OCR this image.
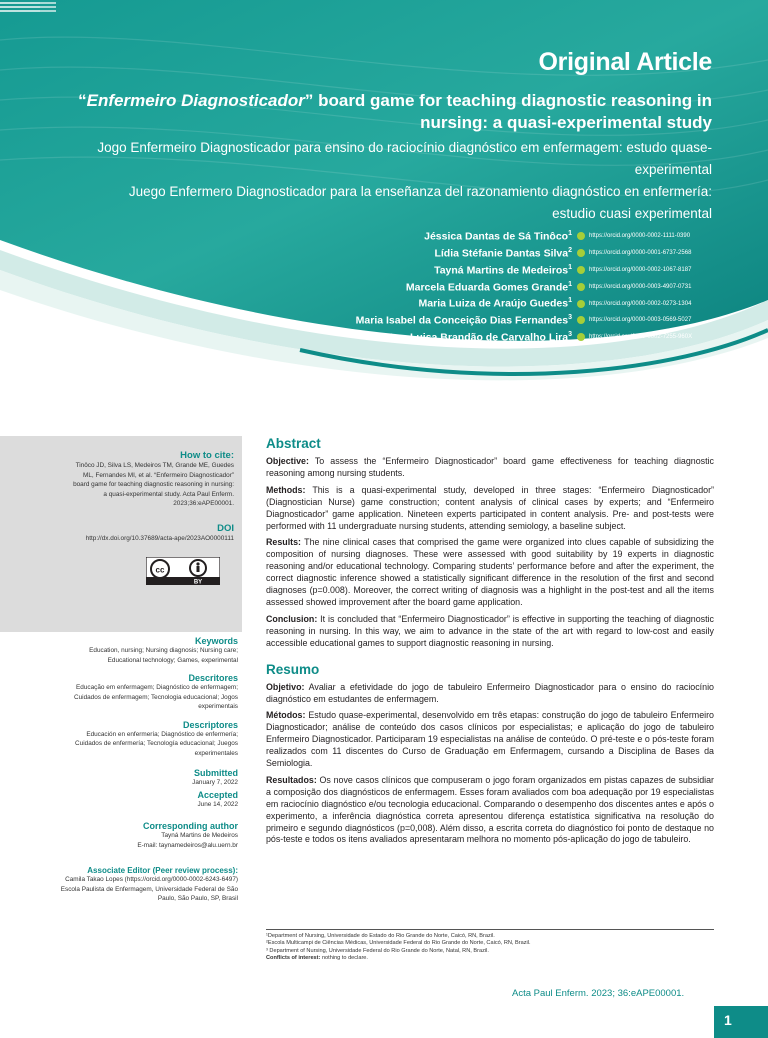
Original Article
“Enfermeiro Diagnosticador” board game for teaching diagnostic reasoning in nursing: a quasi-experimental study

Jogo Enfermeiro Diagnosticador para ensino do raciocínio diagnóstico em enfermagem: estudo quase-experimental

Juego Enfermero Diagnosticador para la enseñanza del razonamiento diagnóstico en enfermería: estudio cuasi experimental

Jéssica Dantas de Sá Tinôco$^1$	https://orcid.org/0000-0002-1111-0390
Lídia Stéfanie Dantas Silva$^2$	https://orcid.org/0000-0001-6737-2568
Tayná Martins de Medeiros$^1$	https://orcid.org/0000-0002-1067-8187
Marcela Eduarda Gomes Grande$^1$	https://orcid.org/0000-0003-4907-0731
Maria Luiza de Araújo Guedes$^1$	https://orcid.org/0000-0002-0273-1304
Maria Isabel da Conceição Dias Fernandes$^3$	https://orcid.org/0000-0003-0569-5027
Ana Luisa Brandão de Carvalho Lira$^3$	https://orcid.org/0000-0002-7255-960X

How to cite:

Tinôco JD, Silva LS, Medeiros TM, Grande ME, Guedes ML, Fernandes MI, et al. “Enfermeiro Diagnosticador” board game for teaching diagnostic reasoning in nursing: a quasi-experimental study. Acta Paul Enferm. 2023;36:eAPE00001.

DOI

http://dx.doi.org/10.37689/acta-ape/2023AO0000111

cc
BY

Keywords

Education, nursing; Nursing diagnosis; Nursing care; Educational technology; Games, experimental

Descritores

Educação em enfermagem; Diagnóstico de enfermagem; Cuidados de enfermagem; Tecnologia educacional; Jogos experimentais

Descriptores

Educación en enfermería; Diagnóstico de enfermería; Cuidados de enfermería; Tecnología educacional; Juegos experimentales

Submitted

January 7, 2022

Accepted

June 14, 2022

Corresponding author

Tayná Martins de Medeiros

E-mail: taynamedeiros@alu.uern.br

Associate Editor (Peer review process):

Camila Takao Lopes (https://orcid.org/0000-0002-6243-6497) Escola Paulista de Enfermagem, Universidade Federal de São Paulo, São Paulo, SP, Brasil

Abstract

Objective: To assess the “Enfermeiro Diagnosticador” board game effectiveness for teaching diagnostic reasoning among nursing students.

Methods: This is a quasi-experimental study, developed in three stages: “Enfermeiro Diagnosticador” (Diagnostician Nurse) game construction; content analysis of clinical cases by experts; and “Enfermeiro Diagnosticador” game application. Nineteen experts participated in content analysis. Pre- and post-tests were performed with 11 undergraduate nursing students, attending semiology, a baseline subject.

Results: The nine clinical cases that comprised the game were organized into clues capable of subsidizing the composition of nursing diagnoses. These were assessed with good suitability by 19 experts in diagnostic reasoning and/or educational technology. Comparing students’ performance before and after the experiment, the correct diagnostic inference showed a statistically significant difference in the resolution of the first and second diagnoses (p=0.008). Moreover, the correct writing of diagnosis was a highlight in the post-test and all the items assessed showed improvement after the board game application.

Conclusion: It is concluded that “Enfermeiro Diagnosticador” is effective in supporting the teaching of diagnostic reasoning in nursing. In this way, we aim to advance in the state of the art with regard to low-cost and easily accessible educational games to support diagnostic reasoning in nursing.

Resumo

Objetivo: Avaliar a efetividade do jogo de tabuleiro Enfermeiro Diagnosticador para o ensino do raciocínio diagnóstico em estudantes de enfermagem.

Métodos: Estudo quase-experimental, desenvolvido em três etapas: construção do jogo de tabuleiro Enfermeiro Diagnosticador; análise de conteúdo dos casos clínicos por especialistas; e aplicação do jogo de tabuleiro Enfermeiro Diagnosticador. Participaram 19 especialistas na análise de conteúdo. O pré-teste e o pós-teste foram realizados com 11 discentes do Curso de Graduação em Enfermagem, cursando a Disciplina de Bases da Semiologia.

Resultados: Os nove casos clínicos que compuseram o jogo foram organizados em pistas capazes de subsidiar a composição dos diagnósticos de enfermagem. Esses foram avaliados com boa adequação por 19 especialistas em raciocínio diagnóstico e/ou tecnologia educacional. Comparando o desempenho dos discentes antes e após o experimento, a inferência diagnóstica correta apresentou diferença estatística significativa na resolução do primeiro e segundo diagnósticos (p=0,008). Além disso, a escrita correta do diagnóstico foi ponto de destaque no pós-teste e todos os itens avaliados apresentaram melhora no momento pós-aplicação do jogo de tabuleiro.

¹Department of Nursing, Universidade do Estado do Rio Grande do Norte, Caicó, RN, Brazil.

²Escola Multicampi de Ciências Médicas, Universidade Federal do Rio Grande do Norte, Caicó, RN, Brazil.

³ Department of Nursing, Universidade Federal do Rio Grande do Norte, Natal, RN, Brazil.

Conflicts of interest: nothing to declare.

Acta Paul Enferm. 2023; 36:eAPE00001.
1
